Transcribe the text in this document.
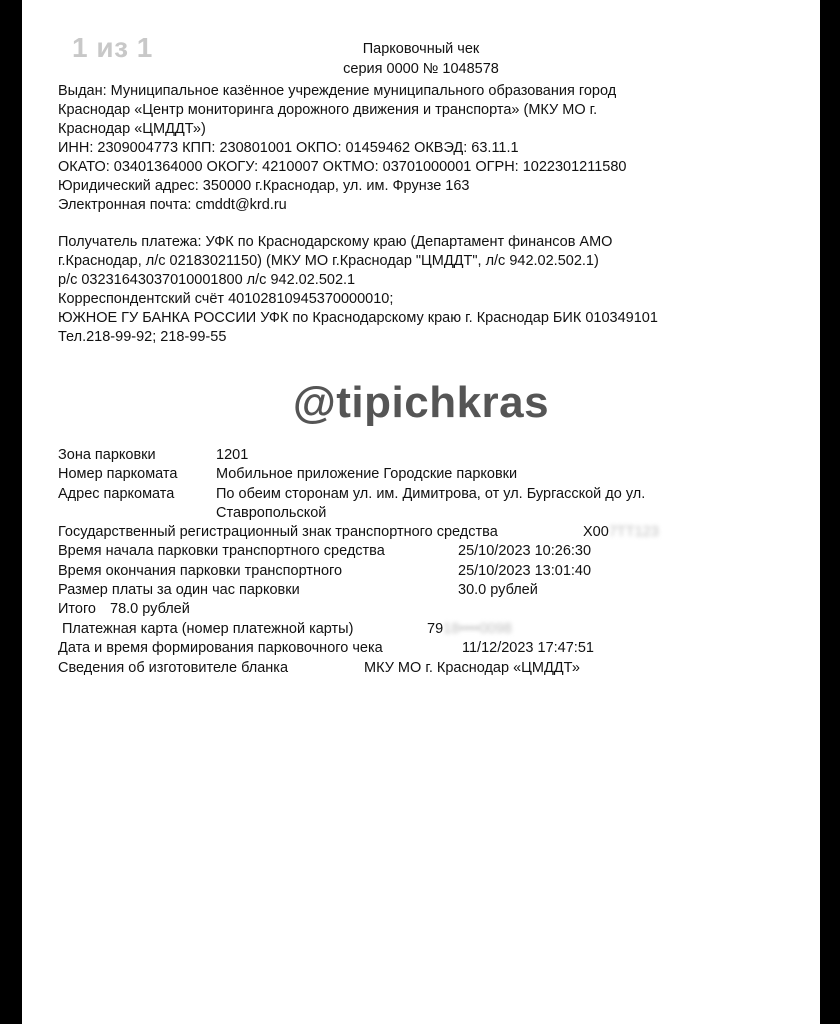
1 из 1	Парковочный чек
серия 0000 № 1048578
Выдан: Муниципальное казённое учреждение муниципального образования город
Краснодар «Центр мониторинга дорожного движения и транспорта» (МКУ МО г.
Краснодар «ЦМДДТ»)
ИНН: 2309004773 КПП: 230801001 ОКПО: 01459462 ОКВЭД: 63.11.1
ОКАТО: 03401364000 ОКОГУ: 4210007 ОКТМО: 03701000001 ОГРН: 1022301211580
Юридический адрес: 350000 г.Краснодар, ул. им. Фрунзе 163
Электронная почта: cmddt@krd.ru
Получатель платежа: УФК по Краснодарскому краю (Департамент финансов АМО
г.Краснодар, л/с 02183021150) (МКУ МО г.Краснодар "ЦМДДТ", л/с 942.02.502.1)
р/с 03231643037010001800 л/с 942.02.502.1
Корреспондентский счёт 40102810945370000010;
ЮЖНОЕ ГУ БАНКА РОССИИ УФК по Краснодарскому краю г. Краснодар БИК 010349101
Тел.218-99-92; 218-99-55
@tipichkras
Зона парковки	1201
Номер паркомата	Мобильное приложение Городские парковки
Адрес паркомата	По обеим сторонам ул. им. Димитрова, от ул. Бургасской до ул. Ставропольской
Государственный регистрационный знак транспортного средства	Х007ТТ123
Время начала парковки транспортного средства	25/10/2023 10:26:30
Время окончания парковки транспортного	25/10/2023 13:01:40
Размер платы за один час парковки	30.0 рублей
Итого 78.0 рублей
Платежная карта (номер платежной карты)	7918••••0098
Дата и время формирования парковочного чека	11/12/2023 17:47:51
Сведения об изготовителе бланка	МКУ МО г. Краснодар «ЦМДДТ»
